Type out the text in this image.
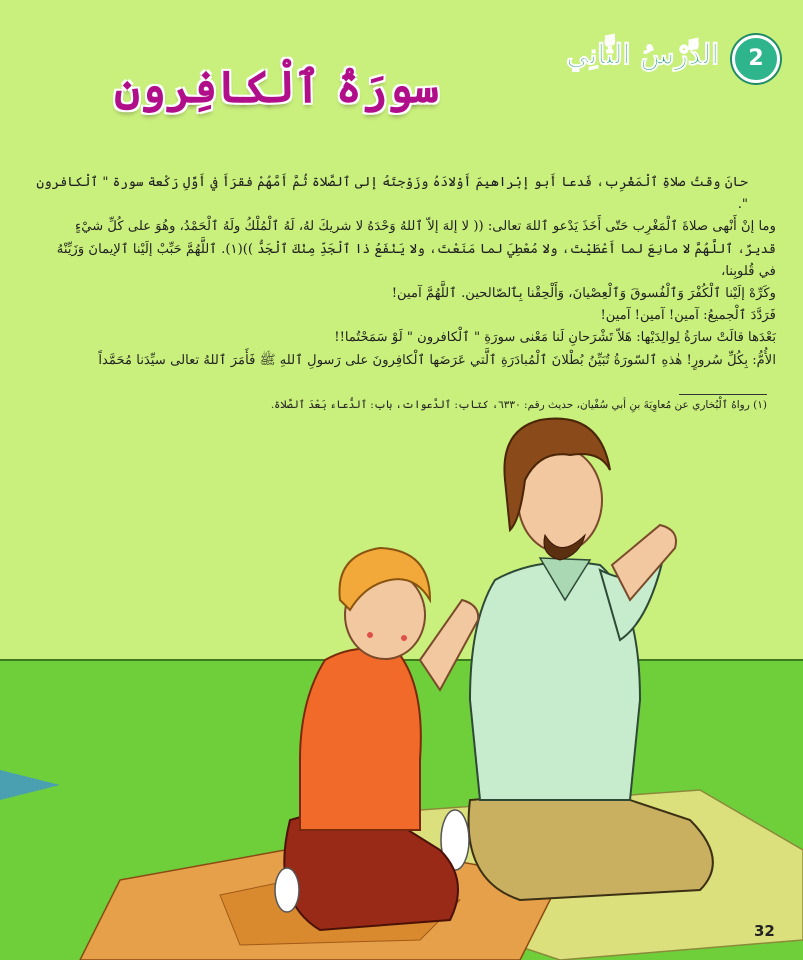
2
الدَّرْسُ الثَّانِي
سورَةُ ٱلْكافِرون

حانَ وقتُ صلاةِ ٱلْمَغْرِب، فَدعا أَبو إبْراهيمَ أَوْلادَهُ وزَوْجتَهُ إلى ٱلصَّلاة ثُمَّ أَمَّهُمْ فقرَأَ في أَوَّلِ رَكْعة سورة " ٱلْكافرون ".

وما إنْ أَنْهى صلاةَ ٱلْمَغْرِب حَتّى أَخَذَ يَدْعو ٱللهَ تعالى: (( لا إلهَ إلاّ ٱللهُ وَحْدَهُ لا شريكَ لهُ، لَهُ ٱلْمُلْكُ ولَهُ ٱلْحَمْدُ، وهُوَ على كُلِّ شيْءٍ

قديرٌ، ٱللَّهُمَّ لا مانِعَ لما أَعْطَيْتَ، ولا مُعْطِيَ لما مَنَعْتَ، ولا يَنْفَعُ ذا ٱلْجَدِّ مِنْكَ ٱلْجَدُّ ))(١). ٱللَّهُمَّ حَبِّبْ إلَيْنا ٱلإيمانَ وَزَيِّنْهُ في قُلوبِنا،

وكَرِّهْ إلَيْنا ٱلْكُفْرَ وَٱلْفُسوقَ وَٱلْعِصْيانَ، وَأَلْحِقْنا بِٱلصّالحين. ٱللَّهُمَّ آمين!

فَرَدَّدَ ٱلْجميعُ: آمين! آمين! آمين!

بَعْدَها قالَتْ سارَةُ لِوالِدَيْها: هَلاّ تَشْرَحانِ لَنا مَعْنى سورَةِ " ٱلْكافرون " لَوْ سَمَحْتُما!!

الأُمُّ: بِكُلِّ سُرورٍ! هٰذهِ ٱلسّورَةُ تُبَيِّنُ بُطْلانَ ٱلْمُبادَرَةِ ٱلَّتي عَرَضَها ٱلْكافِرونَ على رَسولِ ٱللهِ ﷺ فَأَمَرَ ٱللهُ تعالى سيِّدَنا مُحَمَّداً

(١) رواهُ ٱلْبُخاري عن مُعاوِيَةَ بنِ أبي سُفْيان، حديث رقم: ٦٣٣٠، كتاب: ٱلدَّعوات، باب: ٱلدُّعاء بَعْدَ ٱلصَّلاة.
32
